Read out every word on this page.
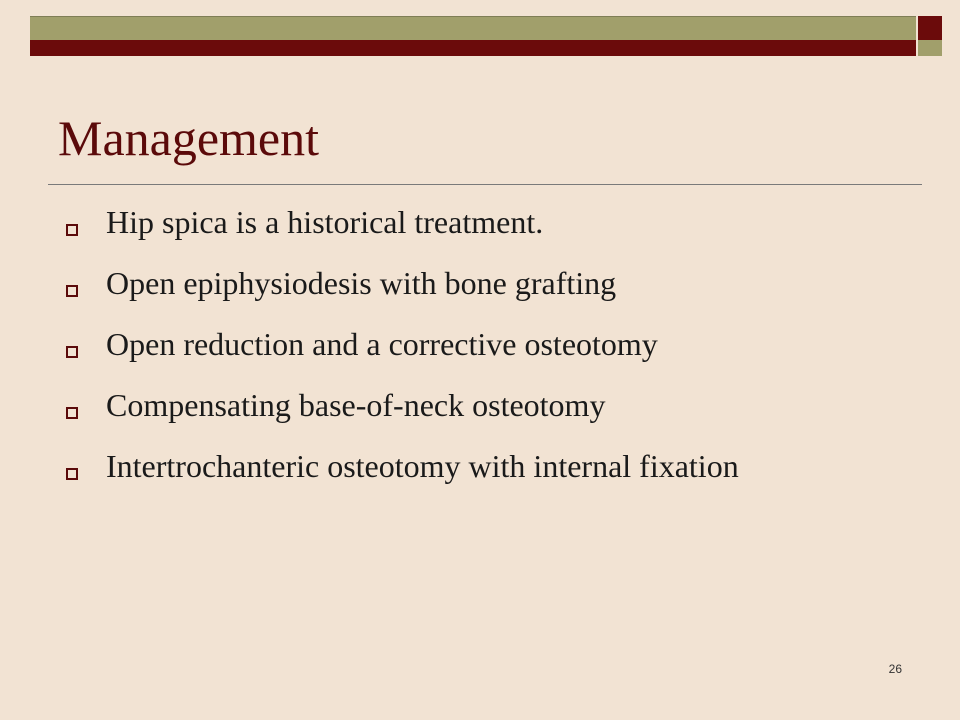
Management
Hip spica is a historical treatment.
Open epiphysiodesis with bone grafting
Open reduction and a corrective osteotomy
Compensating base-of-neck osteotomy
Intertrochanteric osteotomy with internal fixation
26
